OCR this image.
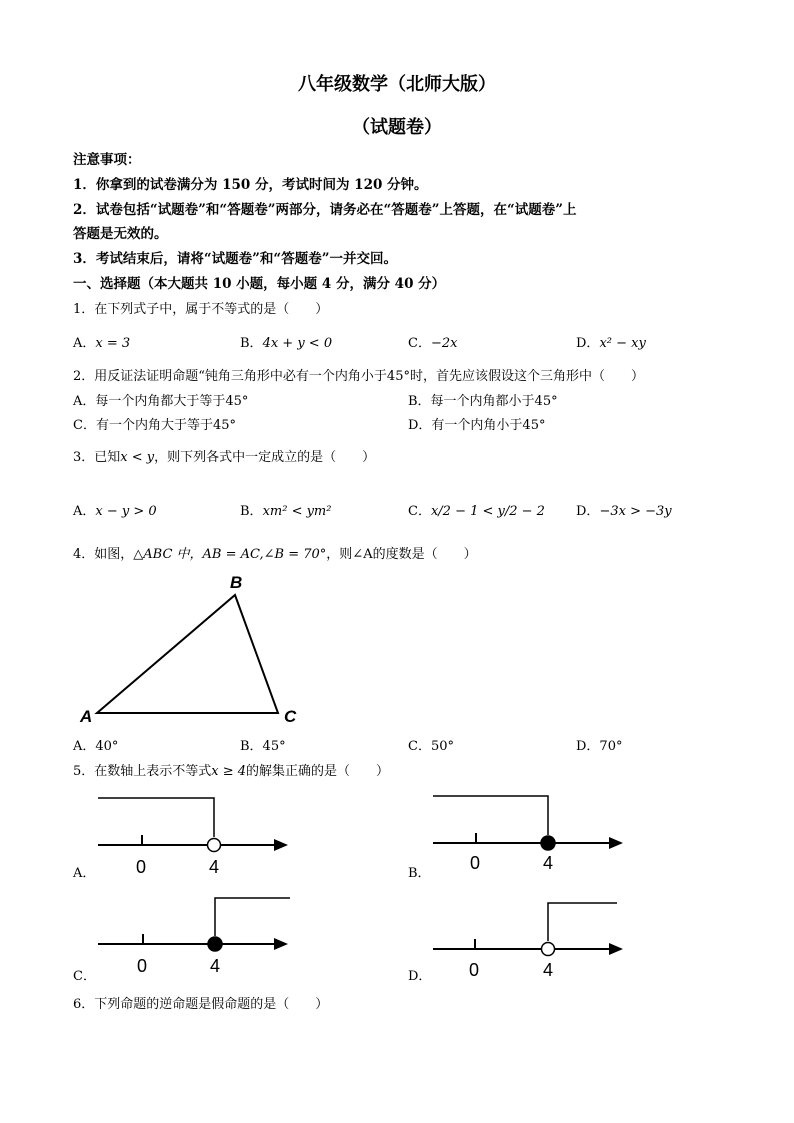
八年级数学（北师大版）
（试题卷）
注意事项：
1．你拿到的试卷满分为 150 分，考试时间为 120 分钟。
2．试卷包括“试题卷”和“答题卷”两部分，请务必在“答题卷”上答题，在“试题卷”上
答题是无效的。
3．考试结束后，请将“试题卷”和“答题卷”一并交回。
一、选择题（本大题共 10 小题，每小题 4 分，满分 40 分）
1．在下列式子中，属于不等式的是（　　）
A．x = 3	B．4x + y < 0	C．−2x	D．x² − xy
2．用反证法证明命题“钝角三角形中必有一个内角小于45°时，首先应该假设这个三角形中（　　）
A．每一个内角都大于等于45°	B．每一个内角都小于45°
C．有一个内角大于等于45°	D．有一个内角小于45°
3．已知x < y，则下列各式中一定成立的是（　　）
A．x − y > 0	B．xm² < ym²	C．x/2 − 1 < y/2 − 2 D．−3x > −3y
4．如图，△ABC 中，AB = AC,∠B = 70°，则∠A的度数是（　　）
A
B
C
A．40°	B．45°	C．50°	D．70°
5．在数轴上表示不等式x ≥ 4的解集正确的是（　　）
A． 0	4	B．
0	4
C．
0	4
D． 0	4
6．下列命题的逆命题是假命题的是（　　）
